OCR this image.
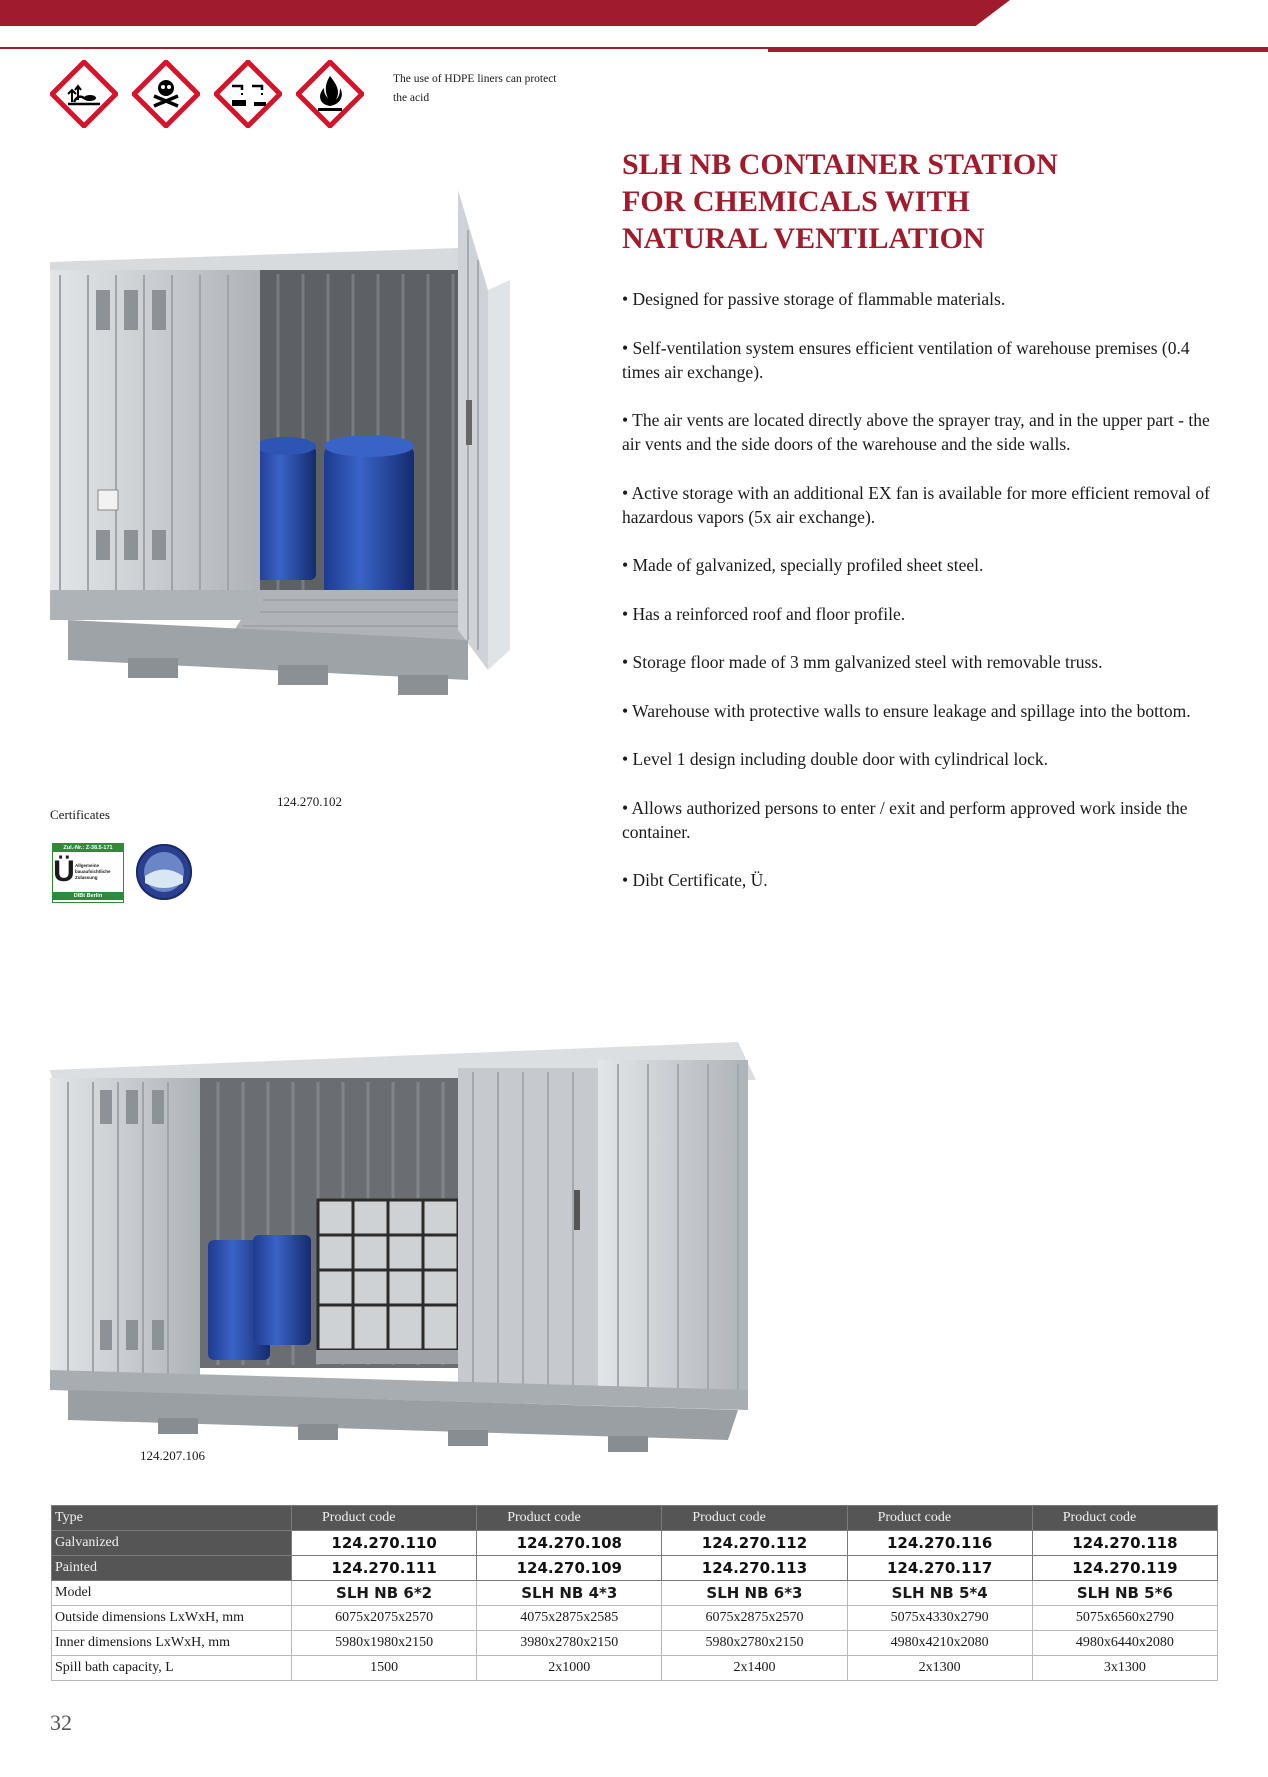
The use of HDPE liners can protect the acid
SLH NB CONTAINER STATION
FOR CHEMICALS WITH
NATURAL VENTILATION

• Designed for passive storage of flammable materials.

• Self-ventilation system ensures efficient ventilation of warehouse premises (0.4 times air exchange).

• The air vents are located directly above the sprayer tray, and in the upper part - the air vents and the side doors of the warehouse and the side walls.

• Active storage with an additional EX fan is available for more efficient removal of hazardous vapors (5x air exchange).

• Made of galvanized, specially profiled sheet steel.

• Has a reinforced roof and floor profile.

• Storage floor made of 3 mm galvanized steel with removable truss.

• Warehouse with protective walls to ensure leakage and spillage into the bottom.

• Level 1 design including double door with cylindrical lock.

• Allows authorized persons to enter / exit and perform approved work inside the container.

• Dibt Certificate, Ü.

124.270.102
Certificates
Zul.-Nr.: Z-38.5-171
Ü Allgemeine
bauaufsichtliche
Zulassung
DIBt Berlin
124.207.106
Type	Product code	Product code	Product code	Product code	Product code
Galvanized	124.270.110	124.270.108	124.270.112	124.270.116	124.270.118
Painted	124.270.111	124.270.109	124.270.113	124.270.117	124.270.119
Model	SLH NB 6*2	SLH NB 4*3	SLH NB 6*3	SLH NB 5*4	SLH NB 5*6
Outside dimensions LxWxH, mm	6075x2075x2570	4075x2875x2585	6075x2875x2570	5075x4330x2790	5075x6560x2790
Inner dimensions LxWxH, mm	5980x1980x2150	3980x2780x2150	5980x2780x2150	4980x4210x2080	4980x6440x2080
Spill bath capacity, L	1500	2x1000	2x1400	2x1300	3x1300
32
